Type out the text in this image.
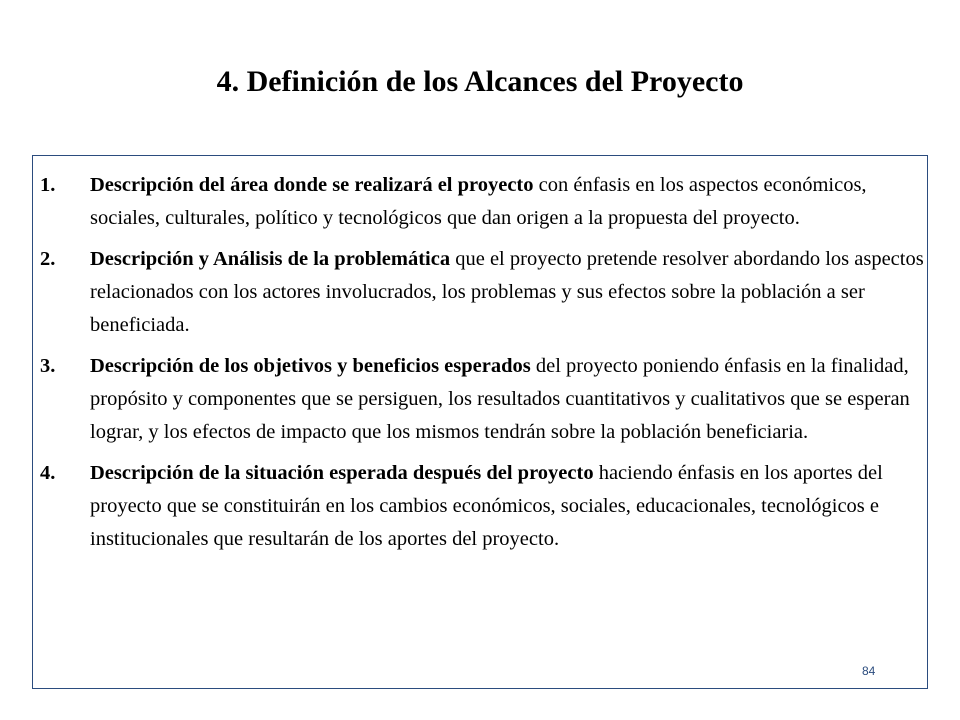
4. Definición de los Alcances del Proyecto
1.	Descripción del área donde se realizará el proyecto con énfasis en los aspectos económicos, sociales, culturales, político y tecnológicos que dan origen a la propuesta del proyecto.
2.	Descripción y Análisis de la problemática que el proyecto pretende resolver abordando los aspectos relacionados con los actores involucrados, los problemas y sus efectos sobre la población a ser beneficiada.
3.	Descripción de los objetivos y beneficios esperados del proyecto poniendo énfasis en la finalidad, propósito y componentes que se persiguen, los resultados cuantitativos y cualitativos que se esperan lograr, y los efectos de impacto que los mismos tendrán sobre la población beneficiaria.
4.	Descripción de la situación esperada después del proyecto haciendo énfasis en los aportes del proyecto que se constituirán en los cambios económicos, sociales, educacionales, tecnológicos e institucionales que resultarán de los aportes del proyecto.
84
